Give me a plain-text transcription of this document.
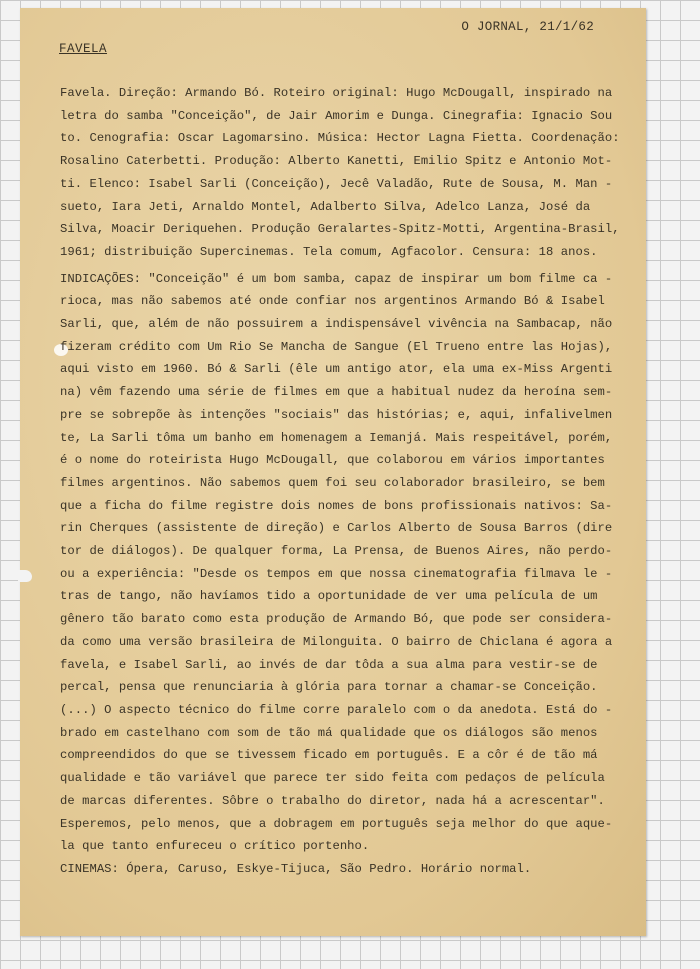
O JORNAL, 21/1/62
FAVELA
Favela. Direção: Armando Bó. Roteiro original: Hugo McDougall, inspirado na
letra do samba "Conceição", de Jair Amorim e Dunga. Cinegrafia: Ignacio Sou
to. Cenografia: Oscar Lagomarsino. Música: Hector Lagna Fietta. Coordenação:
Rosalino Caterbetti. Produção: Alberto Kanetti, Emilio Spitz e Antonio Mot-
ti. Elenco: Isabel Sarli (Conceição), Jecê Valadão, Rute de Sousa, M. Man -
sueto, Iara Jeti, Arnaldo Montel, Adalberto Silva, Adelco Lanza, José da
Silva, Moacir Deriquehen. Produção Geralartes-Spitz-Motti, Argentina-Brasil,
1961; distribuição Supercinemas. Tela comum, Agfacolor. Censura: 18 anos.
INDICAÇÕES: "Conceição" é um bom samba, capaz de inspirar um bom filme ca -
rioca, mas não sabemos até onde confiar nos argentinos Armando Bó & Isabel
Sarli, que, além de não possuirem a indispensável vivência na Sambacap, não
fizeram crédito com Um Rio Se Mancha de Sangue (El Trueno entre las Hojas),
aqui visto em 1960. Bó & Sarli (êle um antigo ator, ela uma ex-Miss Argenti
na) vêm fazendo uma série de filmes em que a habitual nudez da heroína sem-
pre se sobrepõe às intenções "sociais" das histórias; e, aqui, infalivelmen
te, La Sarli tôma um banho em homenagem a Iemanjá. Mais respeitável, porém,
é o nome do roteirista Hugo McDougall, que colaborou em vários importantes
filmes argentinos. Não sabemos quem foi seu colaborador brasileiro, se bem
que a ficha do filme registre dois nomes de bons profissionais nativos: Sa-
rin Cherques (assistente de direção) e Carlos Alberto de Sousa Barros (dire
tor de diálogos). De qualquer forma, La Prensa, de Buenos Aires, não perdo-
ou a experiência: "Desde os tempos em que nossa cinematografia filmava le -
tras de tango, não havíamos tido a oportunidade de ver uma película de um
gênero tão barato como esta produção de Armando Bó, que pode ser considera-
da como uma versão brasileira de Milonguita. O bairro de Chiclana é agora a
favela, e Isabel Sarli, ao invés de dar tôda a sua alma para vestir-se de
percal, pensa que renunciaria à glória para tornar a chamar-se Conceição.
(...) O aspecto técnico do filme corre paralelo com o da anedota. Está do -
brado em castelhano com som de tão má qualidade que os diálogos são menos
compreendidos do que se tivessem ficado em português. E a côr é de tão má
qualidade e tão variável que parece ter sido feita com pedaços de película
de marcas diferentes. Sôbre o trabalho do diretor, nada há a acrescentar".
Esperemos, pelo menos, que a dobragem em português seja melhor do que aque-
la que tanto enfureceu o crítico portenho.
CINEMAS: Ópera, Caruso, Eskye-Tijuca, São Pedro. Horário normal.
